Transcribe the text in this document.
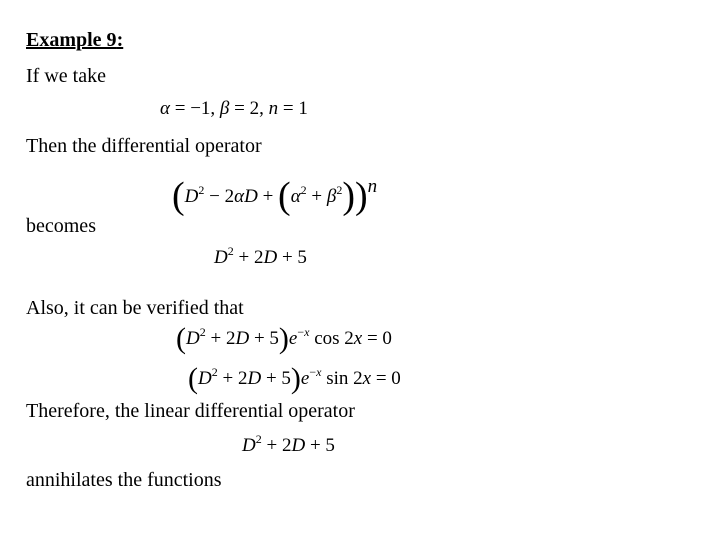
Example 9:
If we take
α = −1, β = 2, n = 1
Then the differential operator
$(D^2 - 2\alpha D + (\alpha^2 + \beta^2))^n$
becomes
$D^2 + 2D + 5$
Also, it can be verified that
$(D^2 + 2D + 5)e^{-x}$ cos 2x = 0
$(D^2 + 2D + 5)e^{-x}$ sin 2x = 0
Therefore, the linear differential operator
$D^2 + 2D + 5$
annihilates the functions
